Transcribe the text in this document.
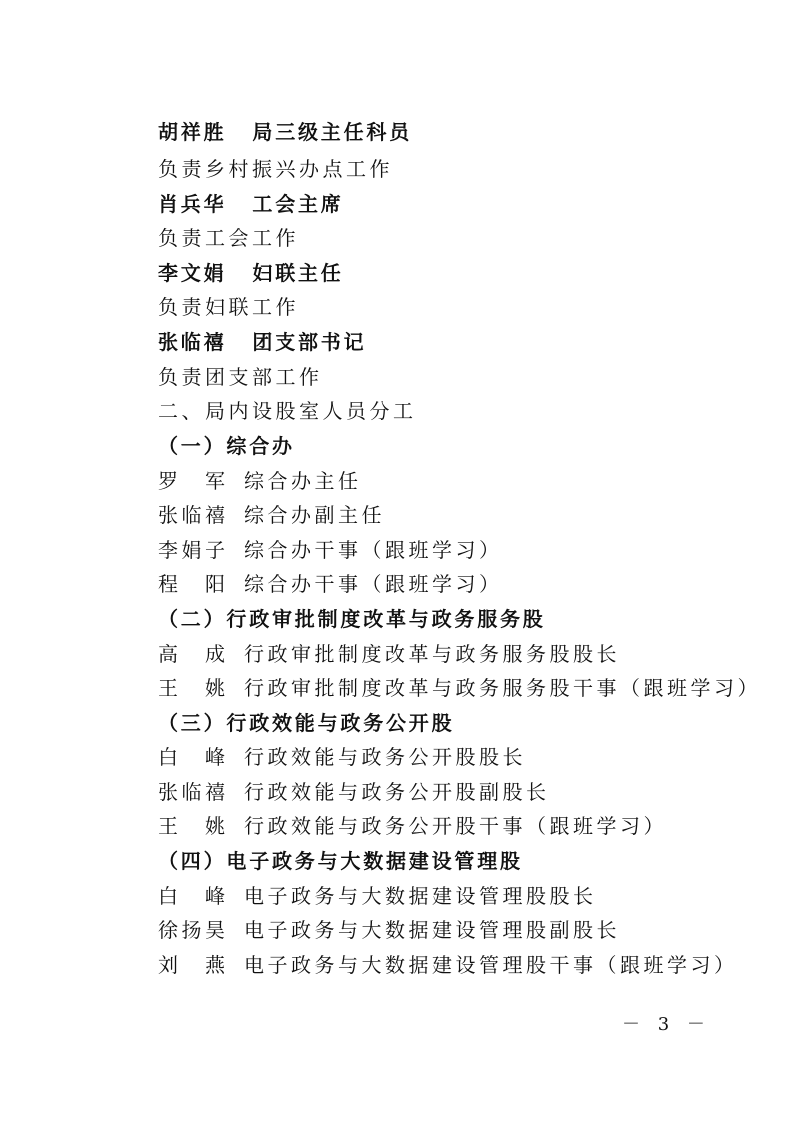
胡祥胜 局三级主任科员
负责乡村振兴办点工作
肖兵华 工会主席
负责工会工作
李文娟 妇联主任
负责妇联工作
张临禧 团支部书记
负责团支部工作
二、局内设股室人员分工
（一）综合办
罗　军 综合办主任
张临禧 综合办副主任
李娟子 综合办干事（跟班学习）
程　阳 综合办干事（跟班学习）
（二）行政审批制度改革与政务服务股
高　成 行政审批制度改革与政务服务股股长
王　姚 行政审批制度改革与政务服务股干事（跟班学习）
（三）行政效能与政务公开股
白　峰 行政效能与政务公开股股长
张临禧 行政效能与政务公开股副股长
王　姚 行政效能与政务公开股干事（跟班学习）
（四）电子政务与大数据建设管理股
白　峰 电子政务与大数据建设管理股股长
徐扬昊 电子政务与大数据建设管理股副股长
刘　燕 电子政务与大数据建设管理股干事（跟班学习）
－ 3 －
